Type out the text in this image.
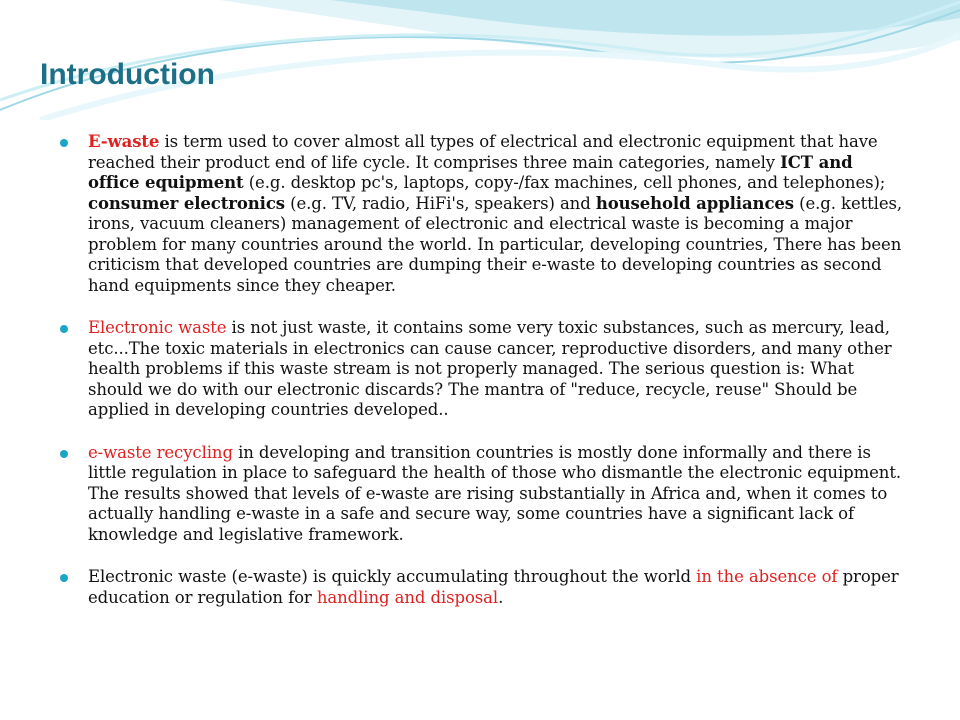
Introduction
E-waste is term used to cover almost all types of electrical and electronic equipment that have reached their product end of life cycle. It comprises three main categories, namely ICT and office equipment (e.g. desktop pc's, laptops, copy-/fax machines, cell phones, and telephones); consumer electronics (e.g. TV, radio, HiFi's, speakers) and household appliances (e.g. kettles, irons, vacuum cleaners) management of electronic and electrical waste is becoming a major problem for many countries around the world. In particular, developing countries, There has been criticism that developed countries are dumping their e-waste to developing countries as second hand equipments since they cheaper.
Electronic waste is not just waste, it contains some very toxic substances, such as mercury, lead, etc...The toxic materials in electronics can cause cancer, reproductive disorders, and many other health problems if this waste stream is not properly managed. The serious question is: What should we do with our electronic discards? The mantra of "reduce, recycle, reuse" Should be applied in developing countries developed..
e-waste recycling in developing and transition countries is mostly done informally and there is little regulation in place to safeguard the health of those who dismantle the electronic equipment. The results showed that levels of e-waste are rising substantially in Africa and, when it comes to actually handling e-waste in a safe and secure way, some countries have a significant lack of knowledge and legislative framework.
Electronic waste (e-waste) is quickly accumulating throughout the world in the absence of proper education or regulation for handling and disposal.
